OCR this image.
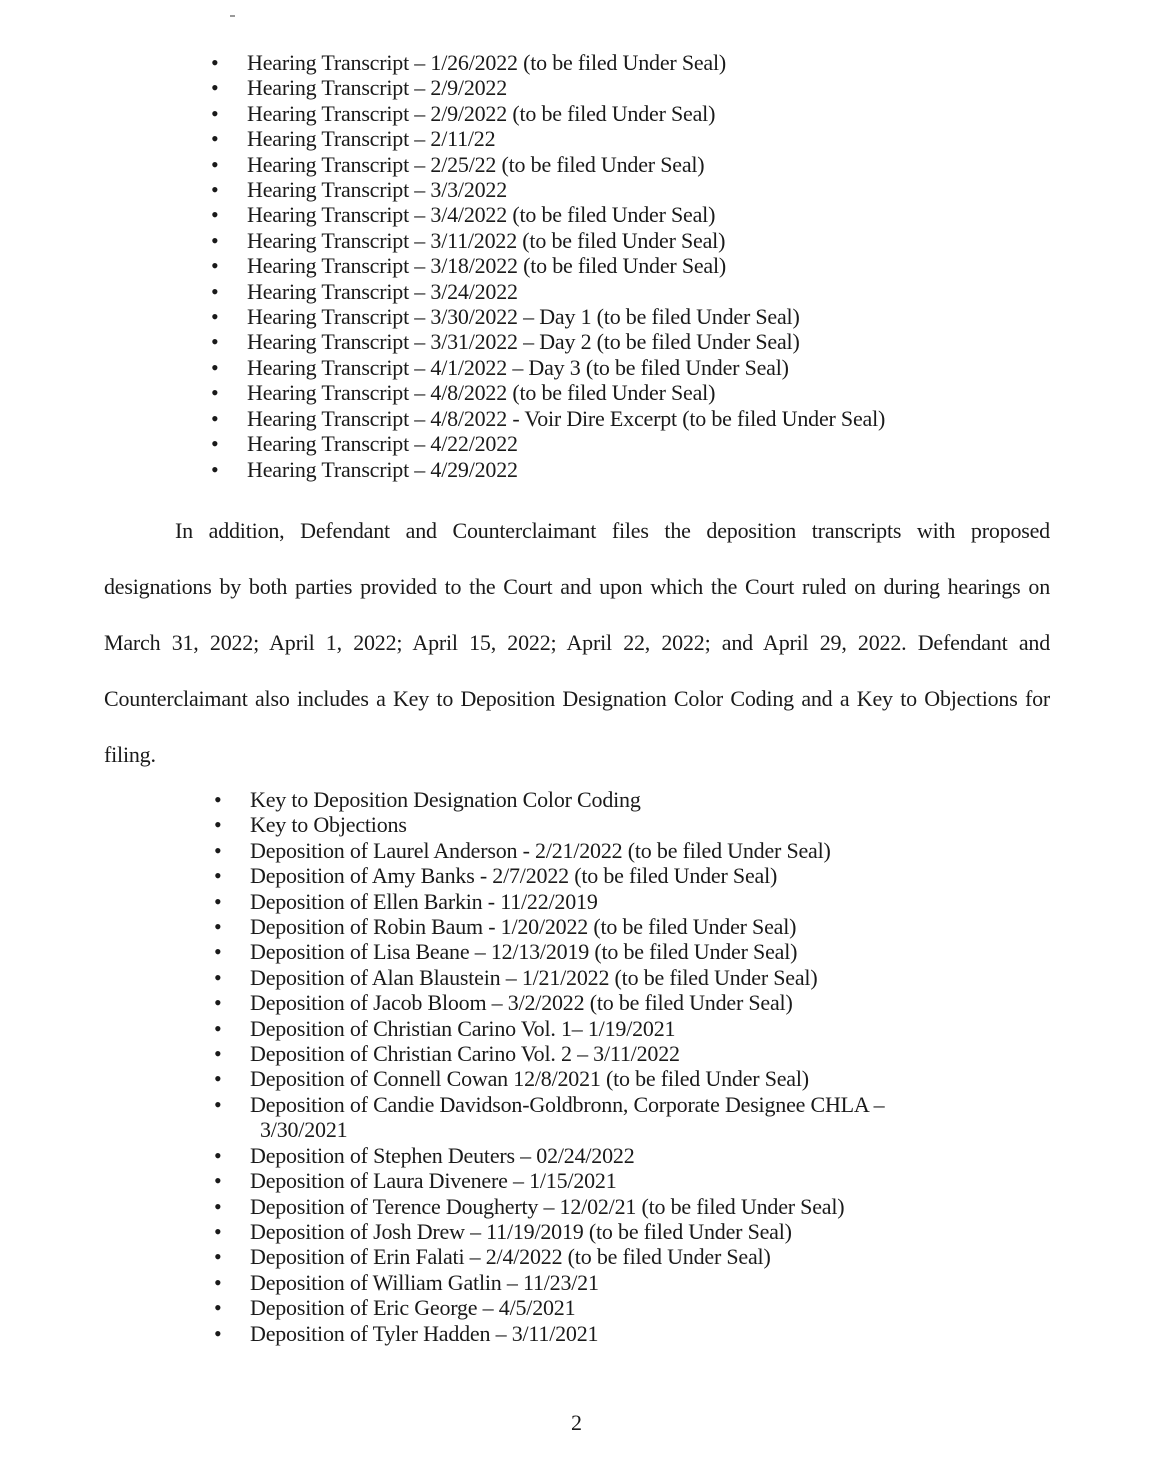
• Hearing Transcript – 1/26/2022 (to be filed Under Seal)
• Hearing Transcript – 2/9/2022
• Hearing Transcript – 2/9/2022 (to be filed Under Seal)
• Hearing Transcript – 2/11/22
• Hearing Transcript – 2/25/22 (to be filed Under Seal)
• Hearing Transcript – 3/3/2022
• Hearing Transcript – 3/4/2022 (to be filed Under Seal)
• Hearing Transcript – 3/11/2022 (to be filed Under Seal)
• Hearing Transcript – 3/18/2022 (to be filed Under Seal)
• Hearing Transcript – 3/24/2022
• Hearing Transcript – 3/30/2022 – Day 1 (to be filed Under Seal)
• Hearing Transcript – 3/31/2022 – Day 2 (to be filed Under Seal)
• Hearing Transcript – 4/1/2022 – Day 3 (to be filed Under Seal)
• Hearing Transcript – 4/8/2022 (to be filed Under Seal)
• Hearing Transcript – 4/8/2022 - Voir Dire Excerpt (to be filed Under Seal)
• Hearing Transcript – 4/22/2022
• Hearing Transcript – 4/29/2022

In addition, Defendant and Counterclaimant files the deposition transcripts with proposed designations by both parties provided to the Court and upon which the Court ruled on during hearings on March 31, 2022; April 1, 2022; April 15, 2022; April 22, 2022; and April 29, 2022. Defendant and Counterclaimant also includes a Key to Deposition Designation Color Coding and a Key to Objections for filing.

• Key to Deposition Designation Color Coding
• Key to Objections
• Deposition of Laurel Anderson - 2/21/2022 (to be filed Under Seal)
• Deposition of Amy Banks - 2/7/2022 (to be filed Under Seal)
• Deposition of Ellen Barkin - 11/22/2019
• Deposition of Robin Baum - 1/20/2022 (to be filed Under Seal)
• Deposition of Lisa Beane – 12/13/2019 (to be filed Under Seal)
• Deposition of Alan Blaustein – 1/21/2022 (to be filed Under Seal)
• Deposition of Jacob Bloom – 3/2/2022 (to be filed Under Seal)
• Deposition of Christian Carino Vol. 1– 1/19/2021
• Deposition of Christian Carino Vol. 2 – 3/11/2022
• Deposition of Connell Cowan 12/8/2021 (to be filed Under Seal)
• Deposition of Candie Davidson-Goldbronn, Corporate Designee CHLA –
3/30/2021
• Deposition of Stephen Deuters – 02/24/2022
• Deposition of Laura Divenere – 1/15/2021
• Deposition of Terence Dougherty – 12/02/21 (to be filed Under Seal)
• Deposition of Josh Drew – 11/19/2019 (to be filed Under Seal)
• Deposition of Erin Falati – 2/4/2022 (to be filed Under Seal)
• Deposition of William Gatlin – 11/23/21
• Deposition of Eric George – 4/5/2021
• Deposition of Tyler Hadden – 3/11/2021
2
